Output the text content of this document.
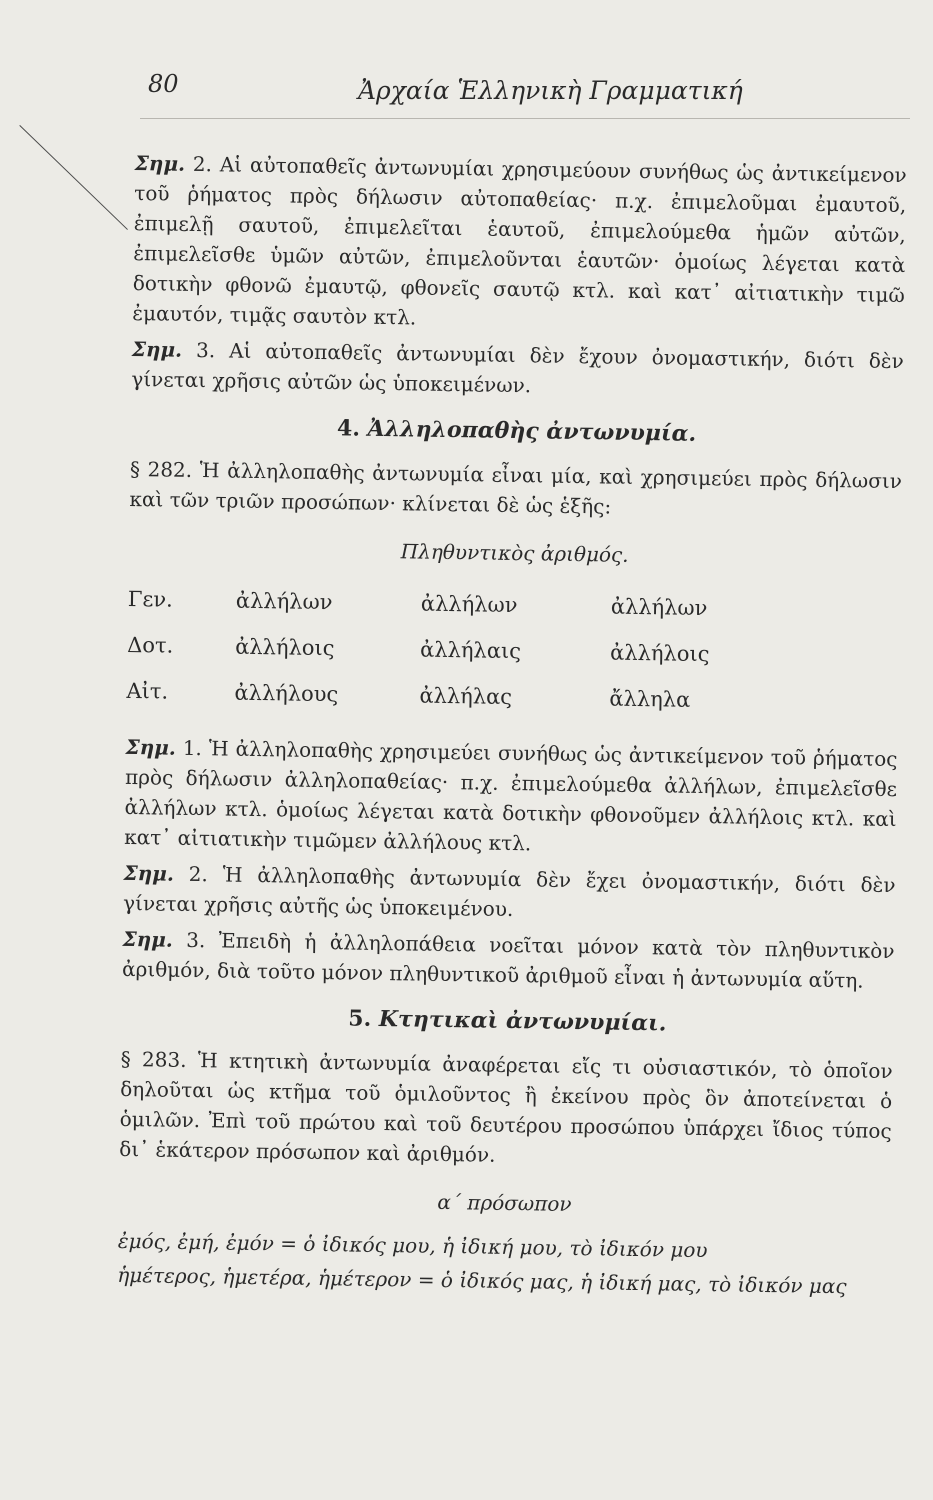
80	Ἀρχαία Ἑλληνικὴ Γραμματική

Σημ. 2. Αἱ αὐτοπαθεῖς ἀντωνυμίαι χρησιμεύουν συνήθως ὡς ἀντικείμενον τοῦ ῥήματος πρὸς δήλωσιν αὐτοπαθείας· π.χ. ἐπιμελοῦμαι ἐμαυτοῦ, ἐπιμελῇ σαυτοῦ, ἐπιμελεῖται ἑαυτοῦ, ἐπιμελούμεθα ἡμῶν αὐτῶν, ἐπιμελεῖσθε ὑμῶν αὐτῶν, ἐπιμελοῦνται ἑαυτῶν· ὁμοίως λέγεται κατὰ δοτικὴν φθονῶ ἐμαυτῷ, φθονεῖς σαυτῷ κτλ. καὶ κατ᾿ αἰτιατικὴν τιμῶ ἐμαυτόν, τιμᾷς σαυτὸν κτλ.

Σημ. 3. Αἱ αὐτοπαθεῖς ἀντωνυμίαι δὲν ἔχουν ὀνομαστικήν, διότι δὲν γίνεται χρῆσις αὐτῶν ὡς ὑποκειμένων.

4. Ἀλληλοπαθὴς ἀντωνυμία.

§ 282. Ἡ ἀλληλοπαθὴς ἀντωνυμία εἶναι μία, καὶ χρησιμεύει πρὸς δήλωσιν καὶ τῶν τριῶν προσώπων· κλίνεται δὲ ὡς ἑξῆς:

Πληθυντικὸς ἀριθμός.
Γεν.	ἀλλήλων	ἀλλήλων	ἀλλήλων
Δοτ.	ἀλλήλοις	ἀλλήλαις	ἀλλήλοις
Αἰτ.	ἀλλήλους	ἀλλήλας	ἄλληλα

Σημ. 1. Ἡ ἀλληλοπαθὴς χρησιμεύει συνήθως ὡς ἀντικείμενον τοῦ ῥήματος πρὸς δήλωσιν ἀλληλοπαθείας· π.χ. ἐπιμελούμεθα ἀλλήλων, ἐπιμελεῖσθε ἀλλήλων κτλ. ὁμοίως λέγεται κατὰ δοτικὴν φθονοῦμεν ἀλλήλοις κτλ. καὶ κατ᾿ αἰτιατικὴν τιμῶμεν ἀλλήλους κτλ.

Σημ. 2. Ἡ ἀλληλοπαθὴς ἀντωνυμία δὲν ἔχει ὀνομαστικήν, διότι δὲν γίνεται χρῆσις αὐτῆς ὡς ὑποκειμένου.

Σημ. 3. Ἐπειδὴ ἡ ἀλληλοπάθεια νοεῖται μόνον κατὰ τὸν πληθυντικὸν ἀριθμόν, διὰ τοῦτο μόνον πληθυντικοῦ ἀριθμοῦ εἶναι ἡ ἀντωνυμία αὕτη.

5. Κτητικαὶ ἀντωνυμίαι.

§ 283. Ἡ κτητικὴ ἀντωνυμία ἀναφέρεται εἴς τι οὐσιαστικόν, τὸ ὁποῖον δηλοῦται ὡς κτῆμα τοῦ ὁμιλοῦντος ἢ ἐκείνου πρὸς ὃν ἀποτείνεται ὁ ὁμιλῶν. Ἐπὶ τοῦ πρώτου καὶ τοῦ δευτέρου προσώπου ὑπάρχει ἴδιος τύπος δι᾿ ἑκάτερον πρόσωπον καὶ ἀριθμόν.

α΄ πρόσωπον
ἐμός, ἐμή, ἐμόν = ὁ ἰδικός μου, ἡ ἰδική μου, τὸ ἰδικόν μου
ἡμέτερος, ἡμετέρα, ἡμέτερον = ὁ ἰδικός μας, ἡ ἰδική μας, τὸ ἰδικόν μας
